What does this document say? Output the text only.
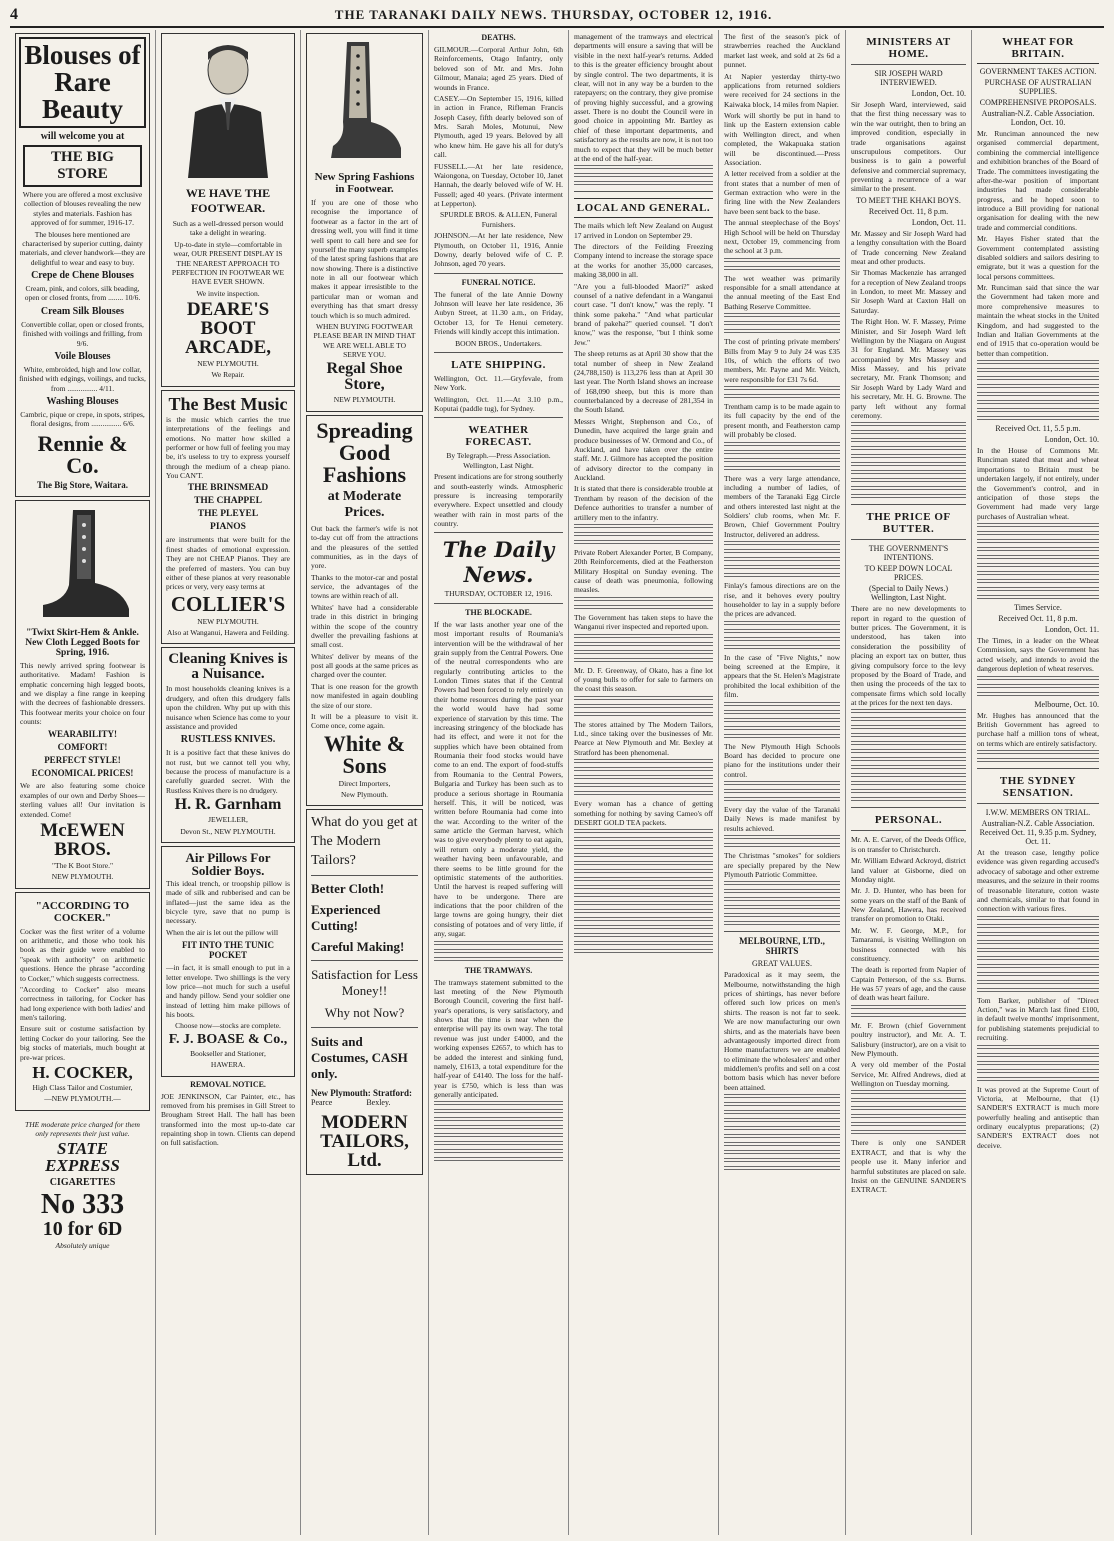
4	THE TARANAKI DAILY NEWS. THURSDAY, OCTOBER 12, 1916.
Blouses of Rare Beauty
will welcome you at
THE BIG STORE

Where you are offered a most exclusive collection of blouses revealing the new styles and materials. Fashion has approved of for summer, 1916-17.

The blouses here mentioned are characterised by superior cutting, dainty materials, and clever handwork—they are delightful to wear and easy to buy.

Crepe de Chene Blouses

Cream, pink, and colors, silk beading, open or closed fronts, from ........ 10/6.

Cream Silk Blouses

Convertible collar, open or closed fronts, finished with voilings and frilling, from 9/6.

Voile Blouses

White, embroided, high and low collar, finished with edgings, voilings, and tucks, from ................ 4/11.

Washing Blouses

Cambric, pique or crepe, in spots, stripes, floral designs, from ................ 6/6.

Rennie & Co.
The Big Store, Waitara.
"Twixt Skirt-Hem & Ankle. New Cloth Legged Boots for Spring, 1916.

This newly arrived spring footwear is authoritative. Madam! Fashion is emphatic concerning high legged boots, and we display a fine range in keeping with the decrees of fashionable dressers. This footwear merits your choice on four counts:

WEARABILITY!
COMFORT!
PERFECT STYLE!
ECONOMICAL PRICES!

We are also featuring some choice examples of our own and Derby Shoes—sterling values all! Our invitation is extended. Come!

McEWEN BROS.
"The K Boot Store."
NEW PLYMOUTH.
"ACCORDING TO COCKER."

Cocker was the first writer of a volume on arithmetic, and those who took his book as their guide were enabled to "speak with authority" on arithmetic questions. Hence the phrase "according to Cocker," which suggests correctness.

"According to Cocker" also means correctness in tailoring, for Cocker has had long experience with both ladies' and men's tailoring.

Ensure suit or costume satisfaction by letting Cocker do your tailoring. See the big stocks of materials, much bought at pre-war prices.

H. COCKER,
High Class Tailor and Costumier,
—NEW PLYMOUTH.—

THE moderate price charged for them only represents their just value.

STATE EXPRESS
CIGARETTES
No 333
10 for 6D
Absolutely unique
WE HAVE THE FOOTWEAR.

Such as a well-dressed person would take a delight in wearing.

Up-to-date in style—comfortable in wear, OUR PRESENT DISPLAY IS THE NEAREST APPROACH TO PERFECTION IN FOOTWEAR WE HAVE EVER SHOWN.

We invite inspection.

DEARE'S BOOT ARCADE,
NEW PLYMOUTH.
We Repair.
The Best Music

is the music which carries the true interpretations of the feelings and emotions. No matter how skilled a performer or how full of feeling you may be, it's useless to try to express yourself through the medium of a cheap piano. You CAN'T.

THE BRINSMEAD
THE CHAPPEL
THE PLEYEL
PIANOS

are instruments that were built for the finest shades of emotional expression. They are not CHEAP Pianos. They are the preferred of masters. You can buy either of these pianos at very reasonable prices or very, very easy terms at

COLLIER'S
NEW PLYMOUTH.
Also at Wanganui, Hawera and Feilding.
Cleaning Knives is a Nuisance.

In most households cleaning knives is a drudgery, and often this drudgery falls upon the children. Why put up with this nuisance when Science has come to your assistance and provided

RUSTLESS KNIVES.

It is a positive fact that these knives do not rust, but we cannot tell you why, because the process of manufacture is a carefully guarded secret. With the Rustless Knives there is no drudgery.

H. R. Garnham
JEWELLER,
Devon St., NEW PLYMOUTH.
Air Pillows For Soldier Boys.

This ideal trench, or troopship pillow is made of silk and rubberised and can be inflated—just the same idea as the bicycle tyre, save that no pump is necessary.

When the air is let out the pillow will

FIT INTO THE TUNIC POCKET

—in fact, it is small enough to put in a letter envelope. Two shillings is the very low price—not much for such a useful and handy pillow. Send your soldier one instead of letting him make pillows of his boots.

Choose now—stocks are complete.

F. J. BOASE & Co.,
Bookseller and Stationer,
HAWERA.
REMOVAL NOTICE.

JOE JENKINSON, Car Painter, etc., has removed from his premises in Gill Street to Brougham Street Hall. The hall has been transformed into the most up-to-date car repainting shop in town. Clients can depend on full satisfaction.

New Spring Fashions in Footwear.

If you are one of those who recognise the importance of footwear as a factor in the art of dressing well, you will find it time well spent to call here and see for yourself the many superb examples of the latest spring fashions that are now showing. There is a distinctive note in all our footwear which makes it appear irresistible to the particular man or woman and everything has that smart dressy touch which is so much admired.

WHEN BUYING FOOTWEAR PLEASE BEAR IN MIND THAT WE ARE WELL ABLE TO SERVE YOU.

Regal Shoe Store,
NEW PLYMOUTH.
Spreading Good Fashions
at Moderate Prices.

Out back the farmer's wife is not to-day cut off from the attractions and the pleasures of the settled communities, as in the days of yore.

Thanks to the motor-car and postal service, the advantages of the towns are within reach of all.

Whites' have had a considerable trade in this district in bringing within the scope of the country dweller the prevailing fashions at small cost.

Whites' deliver by means of the post all goods at the same prices as charged over the counter.

That is one reason for the growth now manifested in again doubling the size of our store.

It will be a pleasure to visit it. Come once, come again.

White & Sons
Direct Importers,
New Plymouth.
What do you get at The Modern Tailors?
Better Cloth!
Experienced Cutting!
Careful Making!
Satisfaction for Less Money!!
Why not Now?
Suits and Costumes, CASH only.
New Plymouth: Stratford:
Pearce                 Bexley.
MODERN TAILORS, Ltd.
DEATHS.

GILMOUR.—Corporal Arthur John, 6th Reinforcements, Otago Infantry, only beloved son of Mr. and Mrs. John Gilmour, Manaia; aged 25 years. Died of wounds in France.

CASEY.—On September 15, 1916, killed in action in France, Rifleman Francis Joseph Casey, fifth dearly beloved son of Mrs. Sarah Moles, Motunui, New Plymouth, aged 19 years. Beloved by all who knew him. He gave his all for duty's call.

FUSSELL.—At her late residence, Waiongona, on Tuesday, October 10, Janet Hannah, the dearly beloved wife of W. H. Fussell; aged 40 years. (Private interment at Lepperton).

SPURDLE BROS. & ALLEN, Funeral Furnishers.

JOHNSON.—At her late residence, New Plymouth, on October 11, 1916, Annie Downy, dearly beloved wife of C. P. Johnson, aged 70 years.

FUNERAL NOTICE.

The funeral of the late Annie Downy Johnson will leave her late residence, 36 Aubyn Street, at 11.30 a.m., on Friday, October 13, for Te Henui cemetery. Friends will kindly accept this intimation.

BOON BROS., Undertakers.

LATE SHIPPING.

Wellington, Oct. 11.—Gryfevale, from New York.

Wellington, Oct. 11.—At 3.10 p.m., Koputai (paddle tug), for Sydney.

WEATHER FORECAST.

By Telegraph.—Press Association. Wellington, Last Night.

Present indications are for strong southerly and south-easterly winds. Atmospheric pressure is increasing temporarily everywhere. Expect unsettled and cloudy weather with rain in most parts of the country.

The Daily News.
THURSDAY, OCTOBER 12, 1916.
THE BLOCKADE.

If the war lasts another year one of the most important results of Roumania's intervention will be the withdrawal of her grain supply from the Central Powers. One of the neutral correspondents who are regularly contributing articles to the London Times states that if the Central Powers had been forced to rely entirely on their home resources during the past year the world would have had some experience of starvation by this time. The increasing stringency of the blockade has had its effect, and were it not for the supplies which have been obtained from Roumania their food stocks would have come to an end. The export of food-stuffs from Roumania to the Central Powers, Bulgaria and Turkey has been such as to produce a serious shortage in Roumania herself. This, it will be noticed, was written before Roumania had come into the war. According to the writer of the same article the German harvest, which was to give everybody plenty to eat again, will return only a moderate yield, the weather having been unfavourable, and there seems to be little ground for the optimistic statements of the authorities. Until the harvest is reaped suffering will have to be undergone. There are indications that the poor children of the large towns are going hungry, their diet consisting of potatoes and of very little, if any, sugar.

THE TRAMWAYS.

The tramways statement submitted to the last meeting of the New Plymouth Borough Council, covering the first half-year's operations, is very satisfactory, and shows that the time is near when the enterprise will pay its own way. The total revenue was just under £4000, and the working expenses £2657, to which has to be added the interest and sinking fund, namely, £1613, a total expenditure for the half-year of £4140. The loss for the half-year is £750, which is less than was generally anticipated.

management of the tramways and electrical departments will ensure a saving that will be visible in the next half-year's returns. Added to this is the greater efficiency brought about by single control. The two departments, it is clear, will not in any way be a burden to the ratepayers; on the contrary, they give promise of proving highly successful, and a growing asset. There is no doubt the Council were in good choice in appointing Mr. Bartley as chief of these important departments, and satisfactory as the results are now, it is not too much to expect that they will be much better at the end of the half-year.

LOCAL AND GENERAL.

The mails which left New Zealand on August 17 arrived in London on September 29.

The directors of the Feilding Freezing Company intend to increase the storage space at the works for another 35,000 carcases, making 38,000 in all.

"Are you a full-blooded Maori?" asked counsel of a native defendant in a Wanganui court case. "I don't know," was the reply. "I think some pakeha." "And what particular brand of pakeha?" queried counsel. "I don't know," was the response, "but I think some Jew."

The sheep returns as at April 30 show that the total number of sheep in New Zealand (24,788,150) is 113,276 less than at April 30 last year. The North Island shows an increase of 168,090 sheep, but this is more than counterbalanced by a decrease of 281,354 in the South Island.

Messrs Wright, Stephenson and Co., of Dunedin, have acquired the large grain and produce businesses of W. Ormond and Co., of Auckland, and have taken over the entire staff. Mr. J. Gilmore has accepted the position of advisory director to the company in Auckland.

It is stated that there is considerable trouble at Trentham by reason of the decision of the Defence authorities to transfer a number of artillery men to the infantry.

Private Robert Alexander Porter, B Company, 20th Reinforcements, died at the Featherston Military Hospital on Sunday evening. The cause of death was pneumonia, following measles.

The Government has taken steps to have the Wanganui river inspected and reported upon.

Mr. D. F. Greenway, of Okato, has a fine lot of young bulls to offer for sale to farmers on the coast this season.

The stores attained by The Modern Tailors, Ltd., since taking over the businesses of Mr. Pearce at New Plymouth and Mr. Bexley at Stratford has been phenomenal.

Every woman has a chance of getting something for nothing by saving Cameo's off DESERT GOLD TEA packets.

The first of the season's pick of strawberries reached the Auckland market last week, and sold at 2s 6d a punnet.

At Napier yesterday thirty-two applications from returned soldiers were received for 24 sections in the Kaiwaka block, 14 miles from Napier.

Work will shortly be put in hand to link up the Eastern extension cable with Wellington direct, and when completed, the Wakapuaka station will be discontinued.—Press Association.

A letter received from a soldier at the front states that a number of men of German extraction who were in the firing line with the New Zealanders have been sent back to the base.

The annual steeplechase of the Boys' High School will be held on Thursday next, October 19, commencing from the school at 3 p.m.

The wet weather was primarily responsible for a small attendance at the annual meeting of the East End Bathing Reserve Committee.

The cost of printing private members' Bills from May 9 to July 24 was £35 10s, of which the efforts of two members, Mr. Payne and Mr. Veitch, were responsible for £31 7s 6d.

Trentham camp is to be made again to its full capacity by the end of the present month, and Featherston camp will probably be closed.

There was a very large attendance, including a number of ladies, of members of the Taranaki Egg Circle and others interested last night at the Soldiers' club rooms, when Mr. F. Brown, Chief Government Poultry Instructor, delivered an address.

Finlay's famous directions are on the rise, and it behoves every poultry householder to lay in a supply before the prices are advanced.

In the case of "Five Nights," now being screened at the Empire, it appears that the St. Helen's Magistrate prohibited the local exhibition of the film.

The New Plymouth High Schools Board has decided to procure one piano for the institutions under their control.

Every day the value of the Taranaki Daily News is made manifest by results achieved.

The Christmas "smokes" for soldiers are specially prepared by the New Plymouth Patriotic Committee.

MELBOURNE, LTD., SHIRTS
GREAT VALUES.

Paradoxical as it may seem, the Melbourne, notwithstanding the high prices of shirtings, has never before offered such low prices on men's shirts. The reason is not far to seek. We are now manufacturing our own shirts, and as the materials have been advantageously imported direct from Home manufacturers we are enabled to eliminate the wholesalers' and other middlemen's profits and sell on a cost bottom basis which has never before been attained.

MINISTERS AT HOME.
SIR JOSEPH WARD INTERVIEWED.
London, Oct. 10.

Sir Joseph Ward, interviewed, said that the first thing necessary was to win the war outright, then to bring an improved condition, especially in trade organisations against unscrupulous competitors. Our business is to gain a powerful defensive and commercial supremacy, preventing a recurrence of a war similar to the present.

TO MEET THE KHAKI BOYS.
Received Oct. 11, 8 p.m.
London, Oct. 11.

Mr. Massey and Sir Joseph Ward had a lengthy consultation with the Board of Trade concerning New Zealand meat and other products.

Sir Thomas Mackenzie has arranged for a reception of New Zealand troops in London, to meet Mr. Massey and Sir Joseph Ward at Caxton Hall on Saturday.

The Right Hon. W. F. Massey, Prime Minister, and Sir Joseph Ward left Wellington by the Niagara on August 31 for England. Mr. Massey was accompanied by Mrs Massey and Miss Massey, and his private secretary, Mr. Frank Thomson; and Sir Joseph Ward by Lady Ward and his secretary, Mr. H. G. Browne. The party left without any formal ceremony.

THE PRICE OF BUTTER.
THE GOVERNMENT'S INTENTIONS.
TO KEEP DOWN LOCAL PRICES.
(Special to Daily News.) Wellington, Last Night.

There are no new developments to report in regard to the question of butter prices. The Government, it is understood, has taken into consideration the possibility of placing an export tax on butter, thus giving compulsory force to the levy proposed by the Board of Trade, and then using the proceeds of the tax to compensate firms which sold locally at the prices for the next ten days.

PERSONAL.

Mr. A. E. Carver, of the Deeds Office, is on transfer to Christchurch.

Mr. William Edward Ackroyd, district land valuer at Gisborne, died on Monday night.

Mr. J. D. Hunter, who has been for some years on the staff of the Bank of New Zealand, Hawera, has received transfer on promotion to Otaki.

Mr. W. F. George, M.P., for Tamaranui, is visiting Wellington on business connected with his constituency.

The death is reported from Napier of Captain Petterson, of the s.s. Burns. He was 57 years of age, and the cause of death was heart failure.

Mr. F. Brown (chief Government poultry instructor), and Mr. A. T. Salisbury (instructor), are on a visit to New Plymouth.

A very old member of the Postal Service, Mr. Alfred Andrews, died at Wellington on Tuesday morning.

There is only one SANDER EXTRACT, and that is why the people use it. Many inferior and harmful substitutes are placed on sale. Insist on the GENUINE SANDER'S EXTRACT.

WHEAT FOR BRITAIN.
GOVERNMENT TAKES ACTION.
PURCHASE OF AUSTRALIAN SUPPLIES.
COMPREHENSIVE PROPOSALS.
Australian-N.Z. Cable Association. London, Oct. 10.

Mr. Runciman announced the new organised commercial department, combining the commercial intelligence and exhibition branches of the Board of Trade. The committees investigating the after-the-war position of important industries had made considerable progress, and he hoped soon to introduce a Bill providing for national organisation for dealing with the new trade and commercial conditions.

Mr. Hayes Fisher stated that the Government contemplated assisting disabled soldiers and sailors desiring to emigrate, but it was a question for the local persons committees.

Mr. Runciman said that since the war the Government had taken more and more comprehensive measures to maintain the wheat stocks in the United Kingdom, and had suggested to the Indian and Italian Governments at the end of 1915 that co-operation would be better than competition.

Received Oct. 11, 5.5 p.m.
London, Oct. 10.

In the House of Commons Mr. Runciman stated that meat and wheat importations to Britain must be undertaken largely, if not entirely, under the Government's control, and in anticipation of those steps the Government had made very large purchases of Australian wheat.

Times Service.
Received Oct. 11, 8 p.m.
London, Oct. 11.

The Times, in a leader on the Wheat Commission, says the Government has acted wisely, and intends to avoid the dangerous depletion of wheat reserves.

Melbourne, Oct. 10.

Mr. Hughes has announced that the British Government has agreed to purchase half a million tons of wheat, on terms which are entirely satisfactory.

THE SYDNEY SENSATION.
I.W.W. MEMBERS ON TRIAL.
Australian-N.Z. Cable Association. Received Oct. 11, 9.35 p.m. Sydney, Oct. 11.

At the treason case, lengthy police evidence was given regarding accused's advocacy of sabotage and other extreme measures, and the seizure in their rooms of treasonable literature, cotton waste and chemicals, similar to that found in connection with various fires.

Tom Barker, publisher of "Direct Action," was in March last fined £100, in default twelve months' imprisonment, for publishing statements prejudicial to recruiting.

It was proved at the Supreme Court of Victoria, at Melbourne, that (1) SANDER'S EXTRACT is much more powerfully healing and antiseptic than ordinary eucalyptus preparations; (2) SANDER'S EXTRACT does not deceive.
